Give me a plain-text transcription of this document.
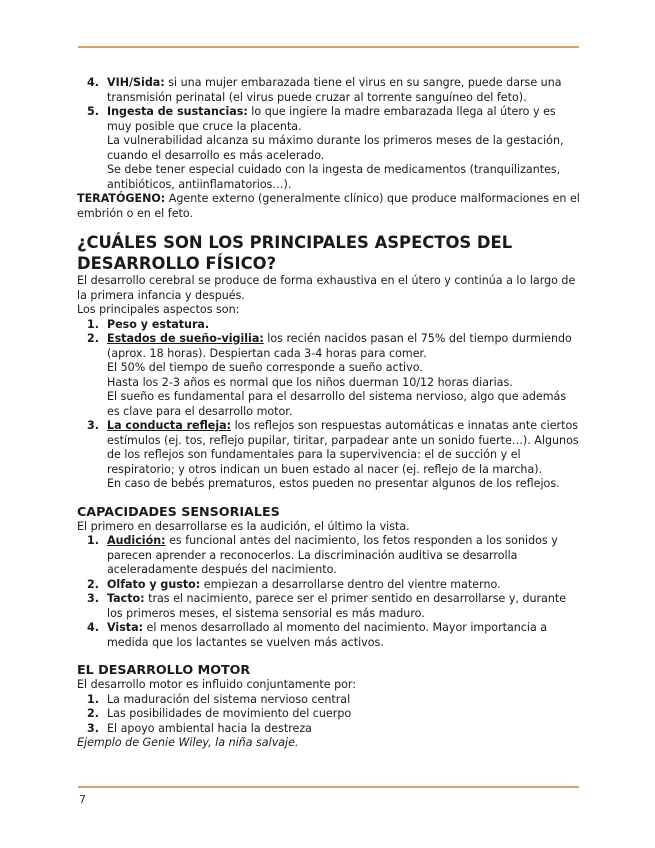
4. VIH/Sida: si una mujer embarazada tiene el virus en su sangre, puede darse una transmisión perinatal (el virus puede cruzar al torrente sanguíneo del feto).
5. Ingesta de sustancias: lo que ingiere la madre embarazada llega al útero y es muy posible que cruce la placenta.

La vulnerabilidad alcanza su máximo durante los primeros meses de la gestación, cuando el desarrollo es más acelerado.

Se debe tener especial cuidado con la ingesta de medicamentos (tranquilizantes, antibióticos, antiinflamatorios…).

TERATÓGENO: Agente externo (generalmente clínico) que produce malformaciones en el embrión o en el feto.

¿CUÁLES SON LOS PRINCIPALES ASPECTOS DEL DESARROLLO FÍSICO?

El desarrollo cerebral se produce de forma exhaustiva en el útero y continúa a lo largo de la primera infancia y después.

Los principales aspectos son:

1. Peso y estatura.
2. Estados de sueño-vigilia: los recién nacidos pasan el 75% del tiempo durmiendo (aprox. 18 horas). Despiertan cada 3-4 horas para comer.

El 50% del tiempo de sueño corresponde a sueño activo.

Hasta los 2-3 años es normal que los niños duerman 10/12 horas diarias.

El sueño es fundamental para el desarrollo del sistema nervioso, algo que además es clave para el desarrollo motor.

3. La conducta refleja: los reflejos son respuestas automáticas e innatas ante ciertos estímulos (ej. tos, reflejo pupilar, tiritar, parpadear ante un sonido fuerte…). Algunos de los reflejos son fundamentales para la supervivencia: el de succión y el respiratorio; y otros indican un buen estado al nacer (ej. reflejo de la marcha).

En caso de bebés prematuros, estos pueden no presentar algunos de los reflejos.

CAPACIDADES SENSORIALES

El primero en desarrollarse es la audición, el último la vista.

1. Audición: es funcional antes del nacimiento, los fetos responden a los sonidos y parecen aprender a reconocerlos. La discriminación auditiva se desarrolla aceleradamente después del nacimiento.
2. Olfato y gusto: empiezan a desarrollarse dentro del vientre materno.
3. Tacto: tras el nacimiento, parece ser el primer sentido en desarrollarse y, durante los primeros meses, el sistema sensorial es más maduro.
4. Vista: el menos desarrollado al momento del nacimiento. Mayor importancia a medida que los lactantes se vuelven más activos.
EL DESARROLLO MOTOR

El desarrollo motor es influido conjuntamente por:

1. La maduración del sistema nervioso central
2. Las posibilidades de movimiento del cuerpo
3. El apoyo ambiental hacia la destreza

Ejemplo de Genie Wiley, la niña salvaje.

7
